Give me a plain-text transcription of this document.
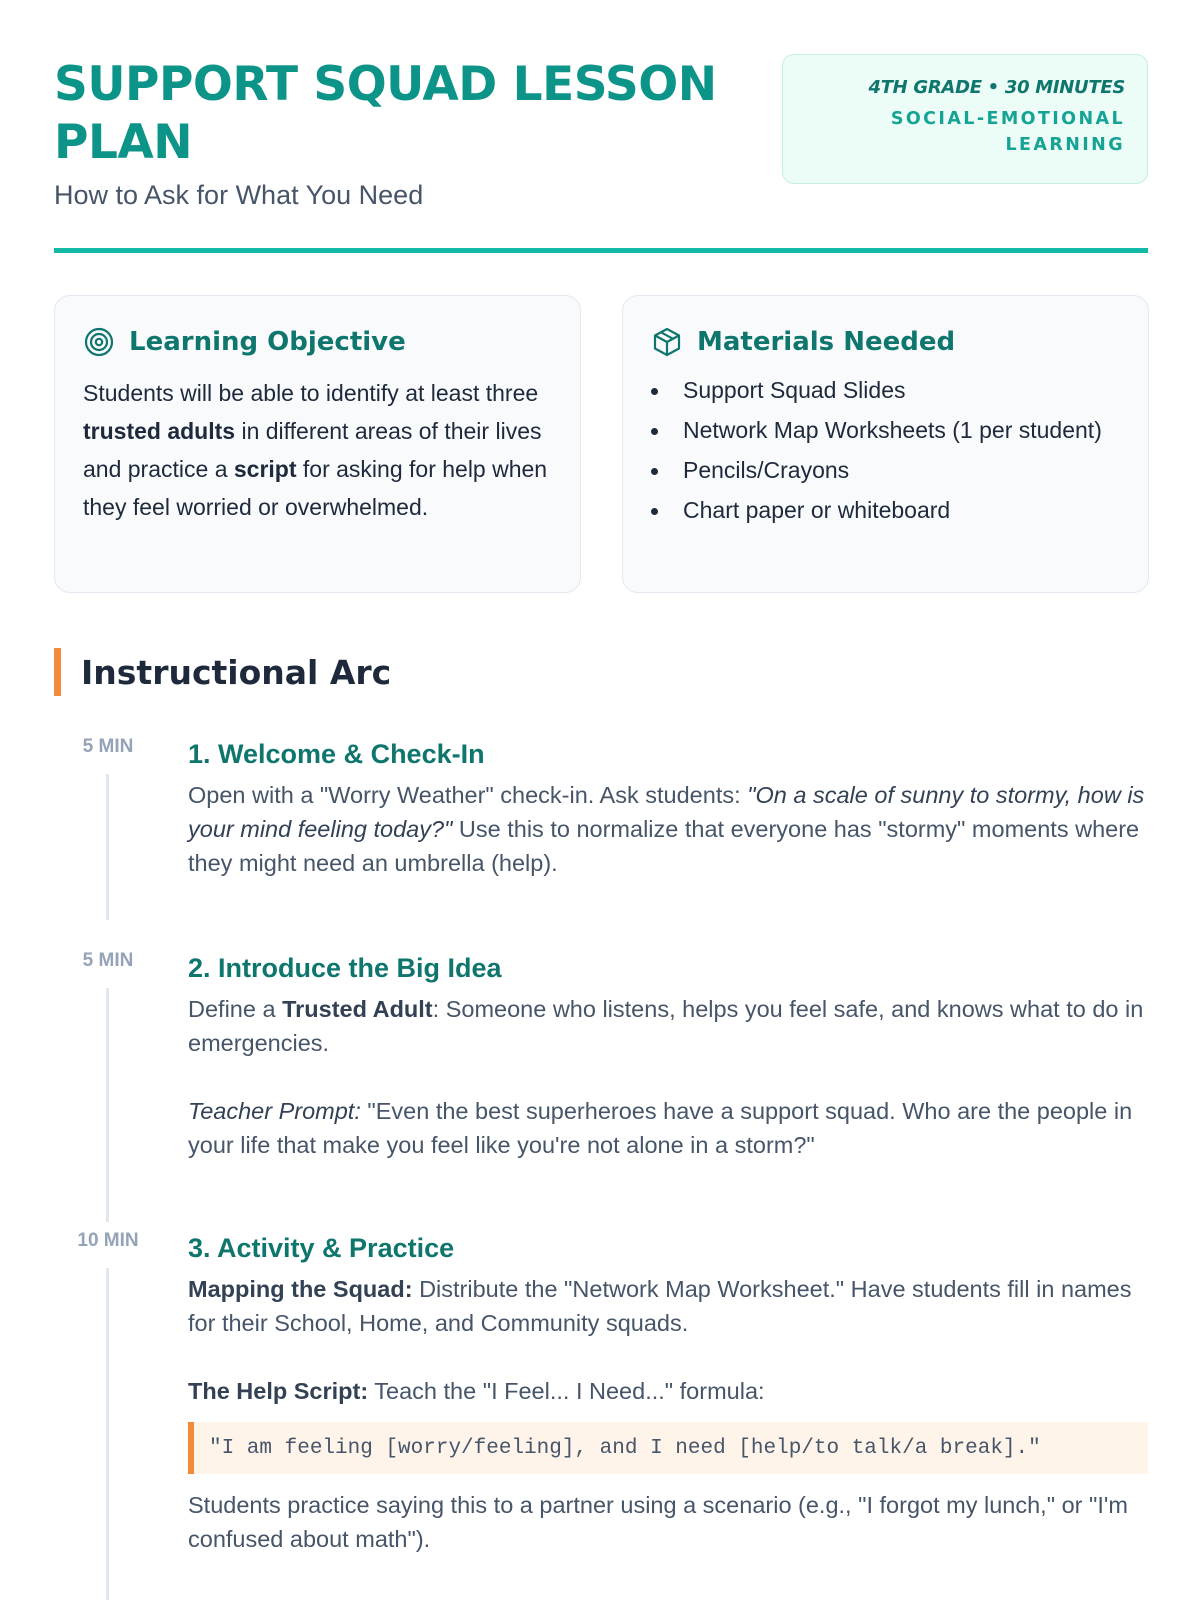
SUPPORT SQUAD LESSON PLAN
How to Ask for What You Need
4TH GRADE • 30 MINUTES
SOCIAL-EMOTIONAL LEARNING
Learning Objective
Students will be able to identify at least three trusted adults in different areas of their lives and practice a script for asking for help when they feel worried or overwhelmed.
Materials Needed
Support Squad Slides
Network Map Worksheets (1 per student)
Pencils/Crayons
Chart paper or whiteboard
Instructional Arc
5 MIN	1. Welcome & Check-In

Open with a "Worry Weather" check-in. Ask students: "On a scale of sunny to stormy, how is your mind feeling today?" Use this to normalize that everyone has "stormy" moments where they might need an umbrella (help).

5 MIN	2. Introduce the Big Idea

Define a Trusted Adult: Someone who listens, helps you feel safe, and knows what to do in emergencies.

Teacher Prompt: "Even the best superheroes have a support squad. Who are the people in your life that make you feel like you're not alone in a storm?"

10 MIN	3. Activity & Practice

Mapping the Squad: Distribute the "Network Map Worksheet." Have students fill in names for their School, Home, and Community squads.

The Help Script: Teach the "I Feel... I Need..." formula:

"I am feeling [worry/feeling], and I need [help/to talk/a break]."

Students practice saying this to a partner using a scenario (e.g., "I forgot my lunch," or "I'm confused about math").
